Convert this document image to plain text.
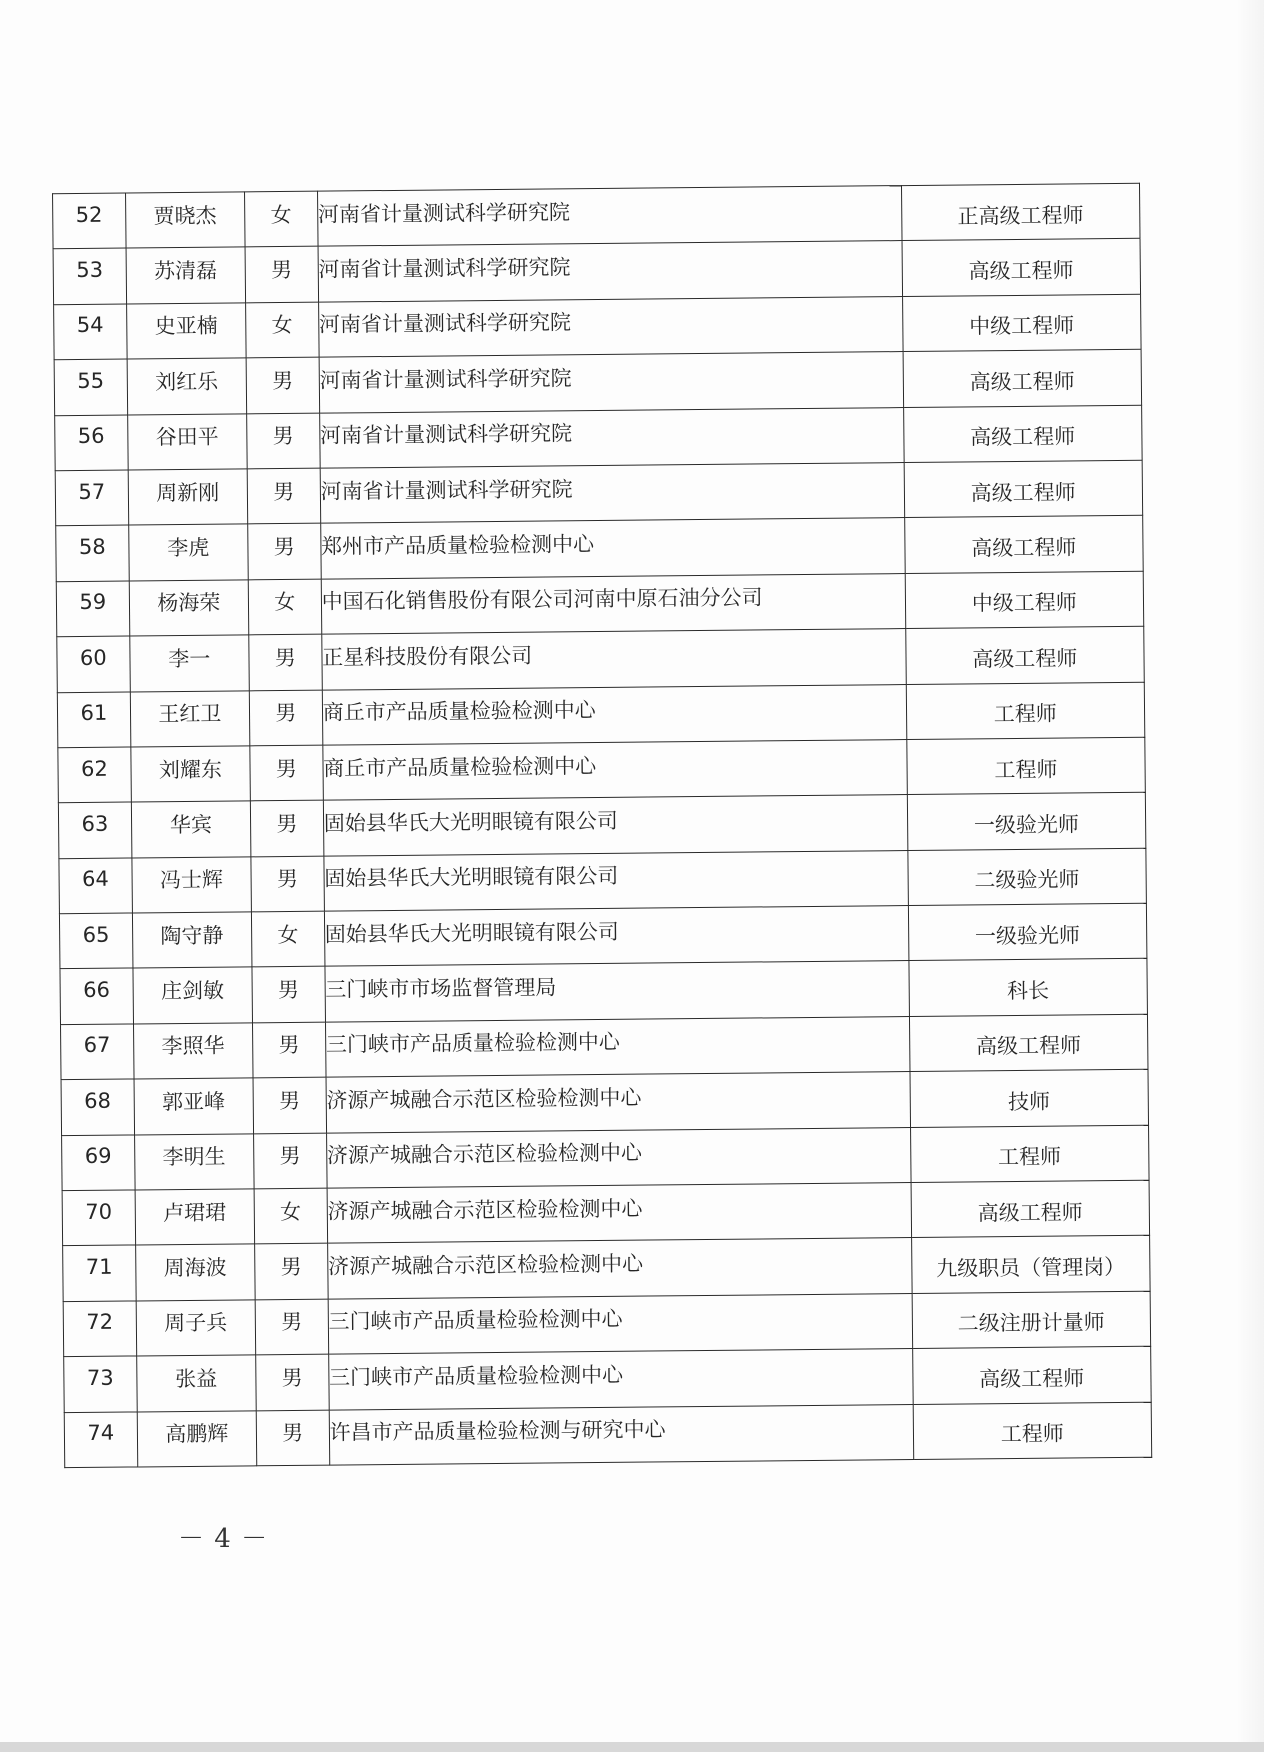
52	贾晓杰	女	河南省计量测试科学研究院	正高级工程师
53	苏清磊	男	河南省计量测试科学研究院	高级工程师
54	史亚楠	女	河南省计量测试科学研究院	中级工程师
55	刘红乐	男	河南省计量测试科学研究院	高级工程师
56	谷田平	男	河南省计量测试科学研究院	高级工程师
57	周新刚	男	河南省计量测试科学研究院	高级工程师
58	李虎	男	郑州市产品质量检验检测中心	高级工程师
59	杨海荣	女	中国石化销售股份有限公司河南中原石油分公司	中级工程师
60	李一	男	正星科技股份有限公司	高级工程师
61	王红卫	男	商丘市产品质量检验检测中心	工程师
62	刘耀东	男	商丘市产品质量检验检测中心	工程师
63	华宾	男	固始县华氏大光明眼镜有限公司	一级验光师
64	冯士辉	男	固始县华氏大光明眼镜有限公司	二级验光师
65	陶守静	女	固始县华氏大光明眼镜有限公司	一级验光师
66	庄剑敏	男	三门峡市市场监督管理局	科长
67	李照华	男	三门峡市产品质量检验检测中心	高级工程师
68	郭亚峰	男	济源产城融合示范区检验检测中心	技师
69	李明生	男	济源产城融合示范区检验检测中心	工程师
70	卢珺珺	女	济源产城融合示范区检验检测中心	高级工程师
71	周海波	男	济源产城融合示范区检验检测中心	九级职员（管理岗）
72	周子兵	男	三门峡市产品质量检验检测中心	二级注册计量师
73	张益	男	三门峡市产品质量检验检测中心	高级工程师
74	高鹏辉	男	许昌市产品质量检验检测与研究中心	工程师
－ 4 －
